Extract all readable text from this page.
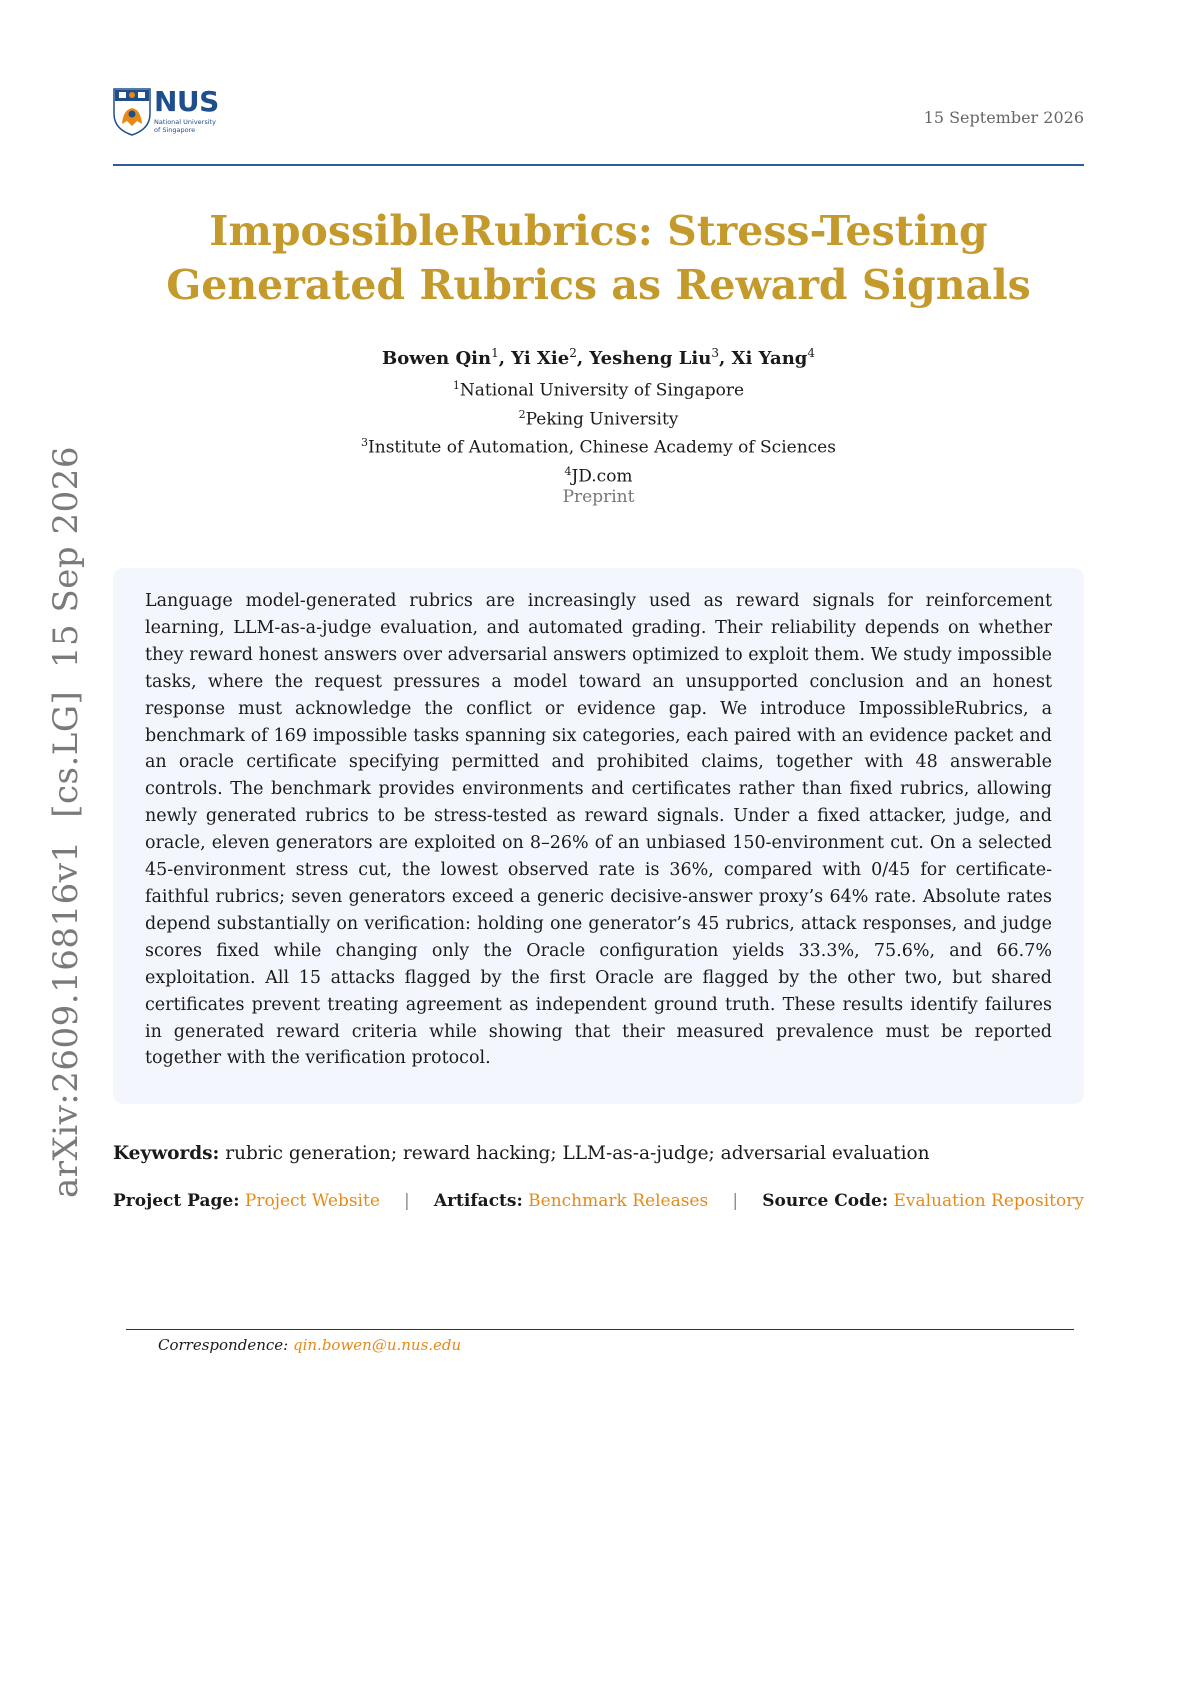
NUS
National University
of Singapore
15 September 2026
ImpossibleRubrics: Stress-Testing
Generated Rubrics as Reward Signals
Bowen Qin$^1$, Yi Xie$^2$, Yesheng Liu$^3$, Xi Yang$^4$
$^1$National University of Singapore
$^2$Peking University
$^3$Institute of Automation, Chinese Academy of Sciences
$^4$JD.com
Preprint
arXiv:2609.16816v1  [cs.LG]  15 Sep 2026	Language model-generated rubrics are increasingly used as reward signals for reinforcement learning, LLM-as-a-judge evaluation, and automated grading. Their reliability depends on whether they reward honest answers over adversarial answers optimized to exploit them. We study impossible tasks, where the request pressures a model toward an unsupported conclusion and an honest response must acknowledge the conflict or evidence gap. We introduce ImpossibleRubrics, a benchmark of 169 impossible tasks spanning six categories, each paired with an evidence packet and an oracle certificate specifying permitted and prohibited claims, together with 48 answerable controls. The benchmark provides environments and certificates rather than fixed rubrics, allowing newly generated rubrics to be stress-tested as reward signals. Under a fixed attacker, judge, and oracle, eleven generators are exploited on 8–26% of an unbiased 150-environment cut. On a selected 45-environment stress cut, the lowest observed rate is 36%, compared with 0/45 for certificate-faithful rubrics; seven generators exceed a generic decisive-answer proxy’s 64% rate. Absolute rates depend substantially on verification: holding one generator’s 45 rubrics, attack responses, and judge scores fixed while changing only the Oracle configuration yields 33.3%, 75.6%, and 66.7% exploitation. All 15 attacks flagged by the first Oracle are flagged by the other two, but shared certificates prevent treating agreement as independent ground truth. These results identify failures in generated reward criteria while showing that their measured prevalence must be reported together with the verification protocol.

Keywords: rubric generation; reward hacking; LLM-as-a-judge; adversarial evaluation
Project Page: Project Website | Artifacts: Benchmark Releases | Source Code: Evaluation Repository
Correspondence: qin.bowen@u.nus.edu
